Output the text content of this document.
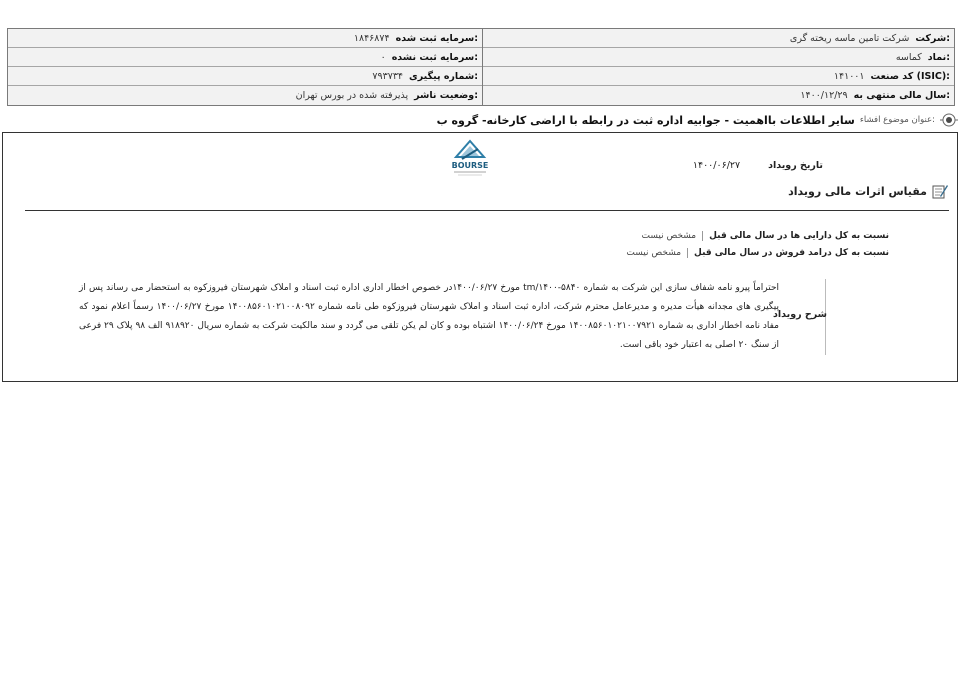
شرکت:
شرکت تامین ماسه ریخته گری
نماد:
کماسه
کد صنعت (ISIC):
۱۴۱۰۰۱
سال مالی منتهی به:
۱۴۰۰/۱۲/۲۹
سرمایه ثبت شده:
۱۸۴۶۸۷۴
سرمایه ثبت نشده:
۰
شماره پیگیری:
۷۹۳۷۳۴
وضعیت ناشر:
پذیرفته شده در بورس تهران
عنوان موضوع افشاء:
سایر اطلاعات بااهمیت - جوابیه اداره ثبت در رابطه با اراضی کارخانه- گروه ب
BOURSE	تاریخ رویداد
۱۴۰۰/۰۶/۲۷
مقیاس اثرات مالی رویداد
نسبت به کل دارایی ها در سال مالی قبل
مشخص نیست
نسبت به کل درامد فروش در سال مالی قبل
مشخص نیست
شرح رویداد
احتراماً پیرو نامه شفاف سازی این شرکت به شماره ۵۸۴۰-۱۴۰۰/tm مورخ ۱۴۰۰/۰۶/۲۷در خصوص اخطار اداری اداره ثبت اسناد و املاک شهرستان فیروزکوه به استحضار می رساند پس از پیگیری های مجدانه هیأت مدیره و مدیرعامل محترم شرکت، اداره ثبت اسناد و املاک شهرستان فیروزکوه طی نامه شماره ۱۴۰۰۸۵۶۰۱۰۲۱۰۰۸۰۹۲ مورخ ۱۴۰۰/۰۶/۲۷ رسماً اعلام نمود که مفاد نامه اخطار اداری به شماره ۱۴۰۰۸۵۶۰۱۰۲۱۰۰۷۹۲۱ مورخ ۱۴۰۰/۰۶/۲۴ اشتباه بوده و کان لم یکن تلقی می گردد و سند مالکیت شرکت به شماره سریال ۹۱۸۹۲۰ الف ۹۸ پلاک ۲۹ فرعی از سنگ ۲۰ اصلی به اعتبار خود باقی است.
